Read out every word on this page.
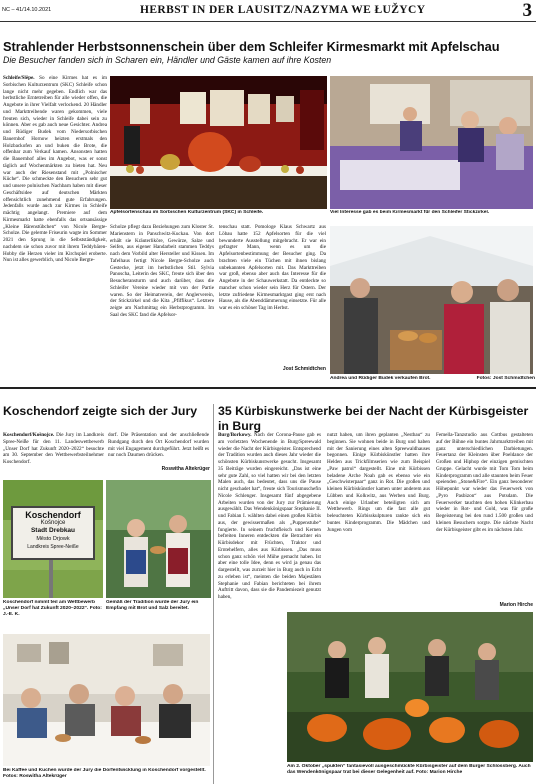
NC – 41/14.10.2021	HERBST IN DER LAUSITZ/NAZYMA WE ŁUŽYCY	3
Strahlender Herbstsonnenschein über dem Schleifer Kirmesmarkt mit Apfelschau
Die Besucher fanden sich in Scharen ein, Händler und Gäste kamen auf ihre Kosten
Schleife/Slěpe. So eine Kirmes hat es im Sorbischen Kulturzentrum (SKC) Schleife schon lange nicht mehr gegeben. Endlich war das herbstliche Erntetreiben für alle wieder offen, die Angebote in ihrer Vielfalt verlockend. 20 Händler und Markttreibende waren gekommen, viele freuten sich, wieder in Schleife dabei sein zu können. Aber es gab auch neue Gesichter. Andrea und Rüdiger Budek vom Niedersorbischen Bauernhof Hornow heizten erstmals den Holzbackofen an und buken die Brote, die offenbar zum Verkauf kamen. Ansonsten hatten die Bauernhof alles im Angebot, was er sonst täglich auf Wochenmärkten zu bieten hat. Neu war auch der Riesenstand mit „Polnischer Küche“. Die schmeckte den Besuchern sehr gut und unsere polnischen Nachbarn haben mit dieser Geschäftsidee auf deutschen Märkten offensichtlich zunehmend gute Erfahrungen. Jedenfalls wurde auch zur Kirmes in Schleife mächtig angelangt. Premiere auf dem Kirmesmarkt hatte ebenfalls das ortsansässige „Kleine Bärenstübchen“ von Nicole Bergte-Scholze. Die gelernte Friseurin wagte im Sommer 2021 den Sprung in die Selbstständigkeit, nachdem sie schon zuvor mit ihrem Teddybären-Hobby die Herzen vieler im Kirchspiel eroberte. Nun ist alles gewerblich, und Nicole Bergte-
Apfelsortenschau im Sorbischen Kulturzentrum (SKC) in Schleife.	Viel Interesse gab es beim Kirmesmarkt für den Schleifer Stickzirkel.
Scholze pflegt dazu Beziehungen zum Kloster St. Marienstern in Panschwitz-Kuckau. Von dort erhält sie Kräuterliköre, Gewürze, Salze und Seifen, aus eigener Handarbeit stammen Teddys nach dem Vorbild alter Hersteller und Kissen. Im Tafelhaus fertigt Nicole Bergte-Scholze auch Gestecke, jetzt im herbstlichen Stil. Sylvia Panoscha, Leiterin des SKC, freute sich über den Besucheransturm und auch darüber, dass die Schleifer Vereine wieder mit von der Partie waren. So der Heimatverein, der Anglerverein, der Stickzirkel und die Kita „Pfiffikus“. Letztere zeigte am Nachmittag ein Herbstprogramm. Im Saal des SKC fand die Apfelsor-
tenschau statt. Pomologe Klaus Schwartz aus Löbau hatte 152 Apfelsorten für die viel bewunderte Ausstellung mitgebracht. Er war ein gefragter Mann, wenn es um die Apfelsortenbestimmung der Besucher ging. Da brachten viele ein Tüchen mit ihnen bislang unbekannten Apfelsorten mit. Das Markttreiben war groß, ebenso aber auch das Interesse für die Angebote in der Schauwerkstatt. Da entdeckte so mancher schon wieder sein Herz für Ostern. Der letzte zufriedene Kirmesmarktgast ging erst nach Hause, als die Abenddämmerung einsetzte. Für alle war es ein schöner Tag im Herbst.
Jost Schmidtchen
Andrea und Rüdiger Budek verkaufen Brot.	Fotos: Jost Schmidtchen
Koschendorf zeigte sich der Jury
Koschendorf/Košnojce. Die Jury im Landkreis Spree-Neiße für den 11. Landeswettbewerb „Unser Dorf hat Zukunft 2020–2022“ besuchte am 30. September den Wettbewerbsteilnehmer Koschendorf.
dorf. Die Präsentation und der anschließende Rundgang durch den Ort Koschendorf wurden mit viel Engagement durchgeführt. Jetzt heißt es nur noch Daumen drücken.
Roswitha Altekrüger
Koschendorf
Košnojce
Stadt Drebkau
Město Drjowk
Landkreis Spree-Neiße
Koschendorf nimmt teil am Wettbewerb „Unser Dorf hat Zukunft 2020–2022“. Foto: J.-E. K.
Gemäß der Tradition wurde der Jury ein Empfang mit Brot und Salz bereitet.
Bei Kaffee und Kuchen wurde der Jury die Dorfentwicklung in Koschendorf vorgestellt. Fotos: Roswitha Altekrüger
35 Kürbiskunstwerke bei der Nacht der Kürbisgeister in Burg
Burg/Borkowy. Nach der Corona-Pause gab es am vorletzten Wochenende in Burg/Spreewald wieder die Nacht der Kürbisgeister. Entsprechend der Tradition wurden auch dieses Jahr wieder die schönsten Kürbiskunstwerke gesucht. Insgesamt 35 Beiträge wurden eingereicht. „Das ist eine sehr gute Zahl, so viel hatten wir bei den letzten Malen auch, das bedeutet, dass uns die Pause nicht geschadet hat“, freute sich Tourismuschefin Nicole Schlenger. Insgesamt fünf abgegebene Arbeiten wurden von der Jury zur Prämierung ausgewählt. Das Wendenkönigspaar Stephanie II. und Fabian I. wählten dabei einen großen Kürbis aus, der gewissermaßen als „Puppenstube“ fungierte. In seinem fruchtfleisch und Kernen befreiten Inneren entdeckten die Betrachter ein Kürbisdekor mit Früchten, Traktor und Erntehelfern, alles aus Kürbissen. „Das muss schon ganz schön viel Mühe gemacht haben. Ist aber eine tolle Idee, denn es wird ja genau das dargestellt, was zurzeit hier in Burg auch in Echt zu erleben ist“, meinten die beiden Majestäten Stephanie und Fabian berichteten bei ihrem Auftritt davon, dass sie die Pandemiezeit genutzt haben,
nutzt haben, um ihren geplanten „Nestbau“ zu beginnen. Sie wohnen beide in Burg und haben mit der Sanierung eines alten Spreewaldhauses begonnen. Einige Kürbiskünstler hatten ihre Helden aus Trickfilmserien wie zum Beispiel „Paw patrol“ dargestellt. Eine mit Kürbissen beladene Arche Noah gab es ebenso wie ein „Geschwisterpaar“ ganz in Rot. Die großen und kleinen Kürbiskünstler kamen unter anderem aus Lübben und Kolkwitz, aus Werben und Burg. Auch einige Urlauber beteiligten sich am Wettbewerb. Rings um die fast alle gut beleuchteten Kürbisskulpturen rankte sich ein buntes Kinderprogramm. Die Mädchen und Jungen vom
Femella-Tanzstudio aus Cottbus gestalteten auf der Bühne ein buntes Jahrmarkttreiben mit ganz unterschiedlichen Darbietungen. Feuertanz der Kleinsten über Poeldance der Großen und Hiphop der einzigen gemischten Gruppe. Gelacht wurde mit Tom Tom beim Kinderprogramm und alle staunten beim Feuer speienden „Stone&Fire“. Ein ganz besonderer Höhepunkt war wieder das Feuerwerk von „Pyro Pasbizon“ aus Potsdam. Die Feuerwerker tauchten den hohen Klinkerbau wieder in Rot- und Gold, was für große Begeisterung bei den rund 1.500 großen und kleinen Besuchern sorgte. Die nächste Nacht der Kürbisgeister gibt es im nächsten Jahr.
Marion Hirche
Am 2. Oktober „spukten“ fantasievoll ausgeschmückte Kürbisgeister auf dem Burger Schlossberg. Auch das Wendenkönigspaar trat bei dieser Gelegenheit auf. Foto: Marion Hirche
